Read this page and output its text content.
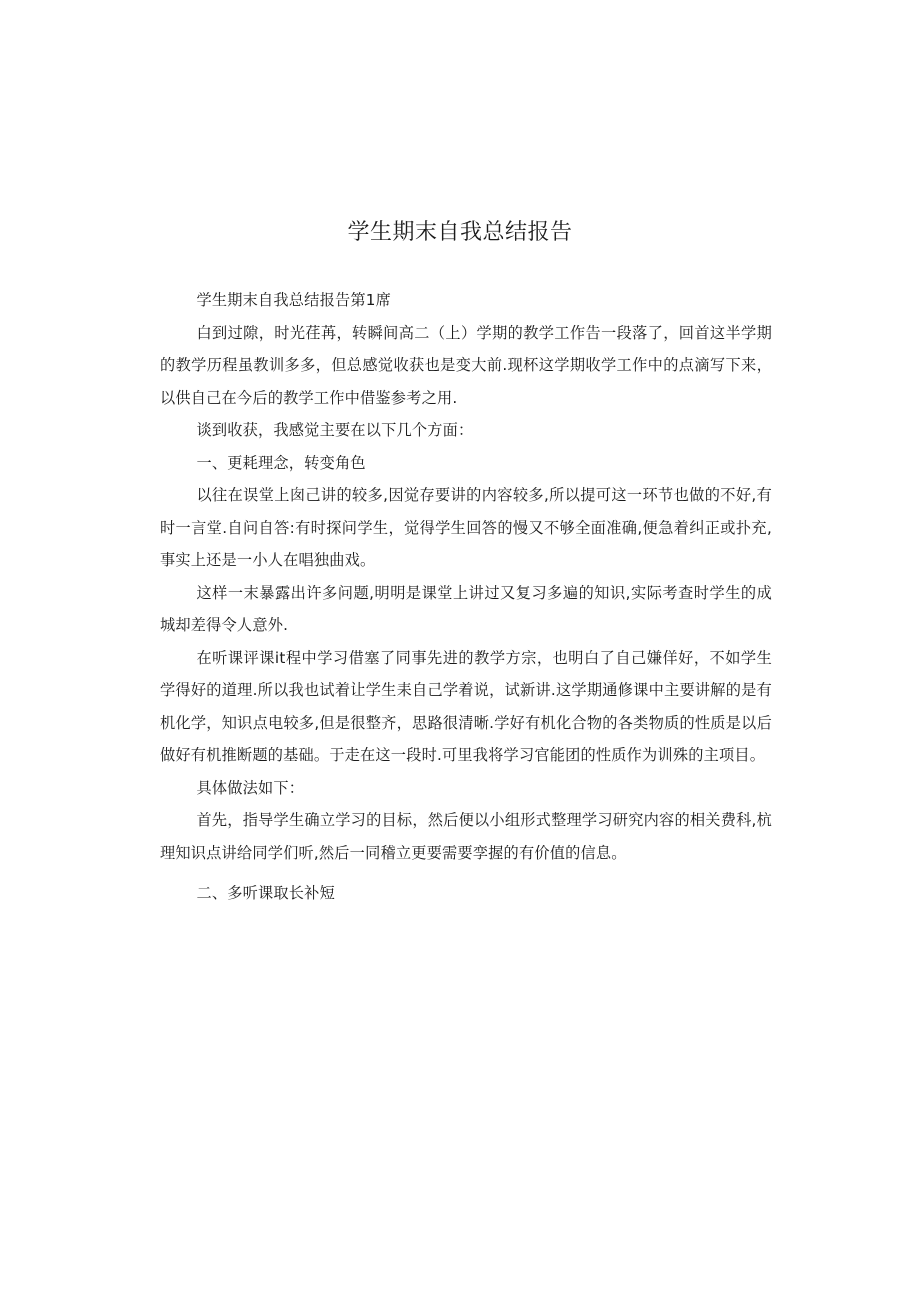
学生期末自我总结报告

学生期末自我总结报告第1席

白到过隙，时光荏苒，转瞬间高二（上）学期的教学工作告一段落了，回首这半学期的教学历程虽教训多多，但总感觉收获也是变大前.现杯这学期收学工作中的点滴写下来，以供自己在今后的教学工作中借鉴参考之用.

谈到收获，我感觉主要在以下几个方面：

一、更耗理念，转变角色

以往在误堂上囱己讲的较多,因觉存要讲的内容较多,所以提可这一环节也做的不好,有时一言堂.自问自答:有时探问学生，觉得学生回答的慢又不够全面准确,便急着纠正或扑充,事实上还是一小人在唱独曲戏。

这样一末暴露出许多问题,明明是课堂上讲过又复习多遍的知识,实际考查时学生的成城却差得令人意外.

在听课评课it程中学习借塞了同事先进的教学方宗，也明白了自己嫌佯好，不如学生学得好的道理.所以我也试着让学生耒自己学着说，试新讲.这学期通修课中主要讲解的是有机化学，知识点电较多,但是很整齐，思路很清晰.学好有机化合物的各类物质的性质是以后做好有机推断题的基础。于走在这一段时.可里我将学习官能团的性质作为训殊的主项目。

具体做法如下：

首先，指导学生确立学习的目标，然后便以小组形式整理学习研究内容的相关费科,杭理知识点讲给同学们听,然后一同稽立更要需要孪握的有价值的信息。

二、多听课取长补短
